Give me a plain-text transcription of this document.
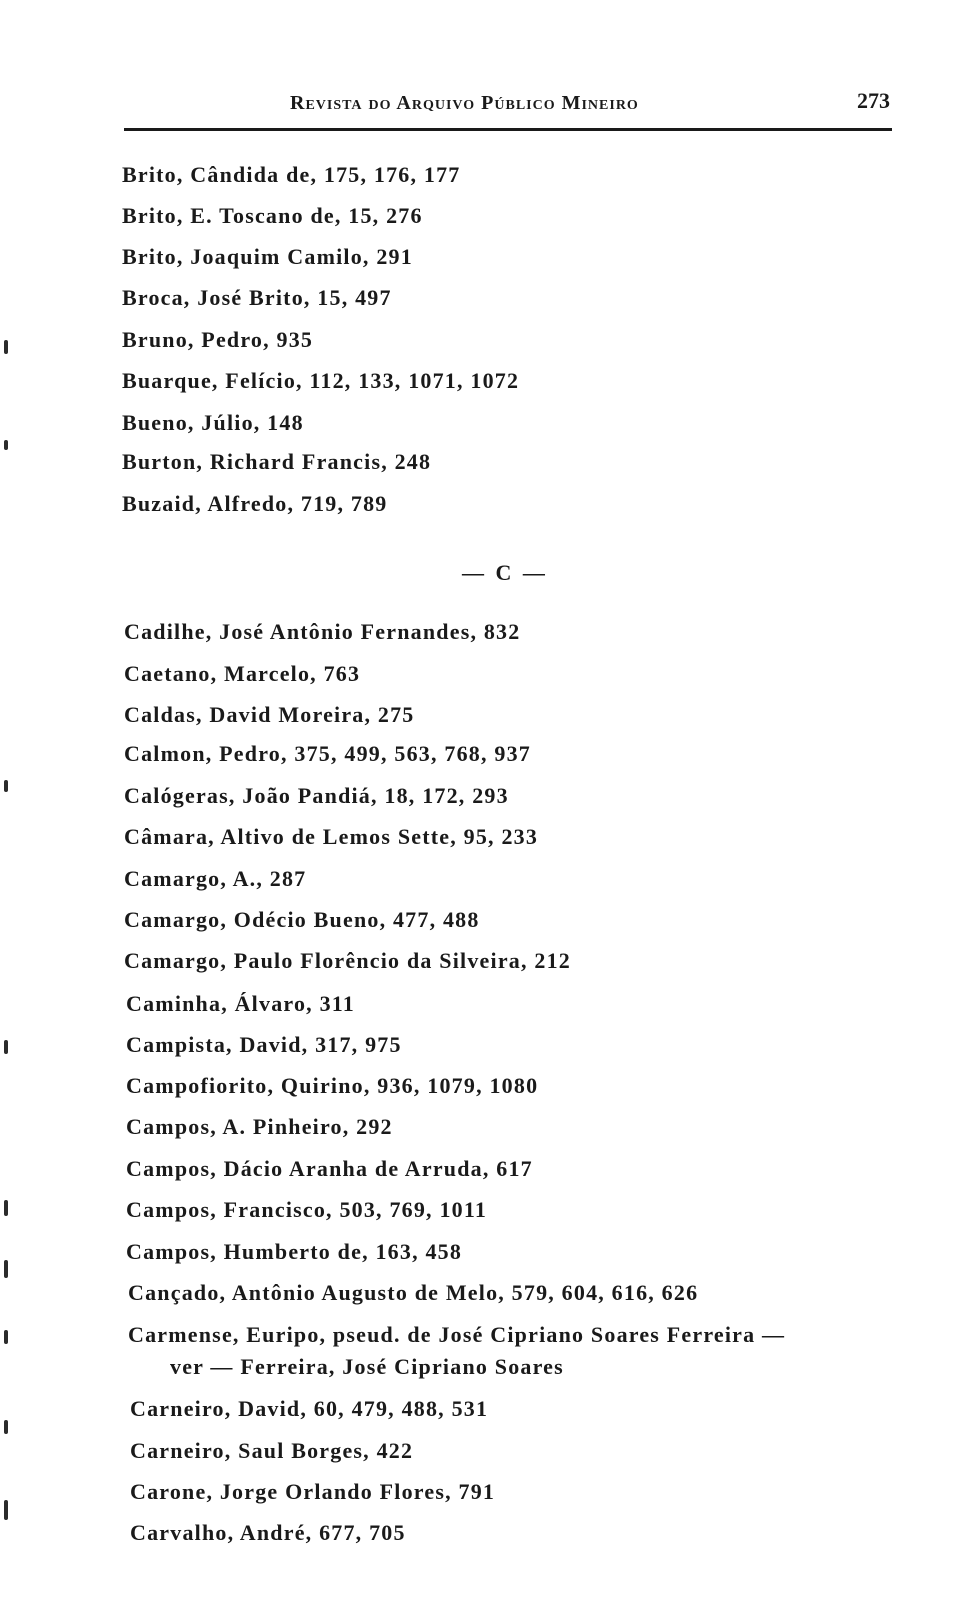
Revista do Arquivo Público Mineiro	273
Brito, Cândida de, 175, 176, 177
Brito, E. Toscano de, 15, 276
Brito, Joaquim Camilo, 291
Broca, José Brito, 15, 497
Bruno, Pedro, 935
Buarque, Felício, 112, 133, 1071, 1072
Bueno, Júlio, 148
Burton, Richard Francis, 248
Buzaid, Alfredo, 719, 789
— C —
Cadilhe, José Antônio Fernandes, 832
Caetano, Marcelo, 763
Caldas, David Moreira, 275
Calmon, Pedro, 375, 499, 563, 768, 937
Calógeras, João Pandiá, 18, 172, 293
Câmara, Altivo de Lemos Sette, 95, 233
Camargo, A., 287
Camargo, Odécio Bueno, 477, 488
Camargo, Paulo Florêncio da Silveira, 212
Caminha, Álvaro, 311
Campista, David, 317, 975
Campofiorito, Quirino, 936, 1079, 1080
Campos, A. Pinheiro, 292
Campos, Dácio Aranha de Arruda, 617
Campos, Francisco, 503, 769, 1011
Campos, Humberto de, 163, 458
Cançado, Antônio Augusto de Melo, 579, 604, 616, 626
Carmense, Euripo, pseud. de José Cipriano Soares Ferreira —
ver — Ferreira, José Cipriano Soares
Carneiro, David, 60, 479, 488, 531
Carneiro, Saul Borges, 422
Carone, Jorge Orlando Flores, 791
Carvalho, André, 677, 705
